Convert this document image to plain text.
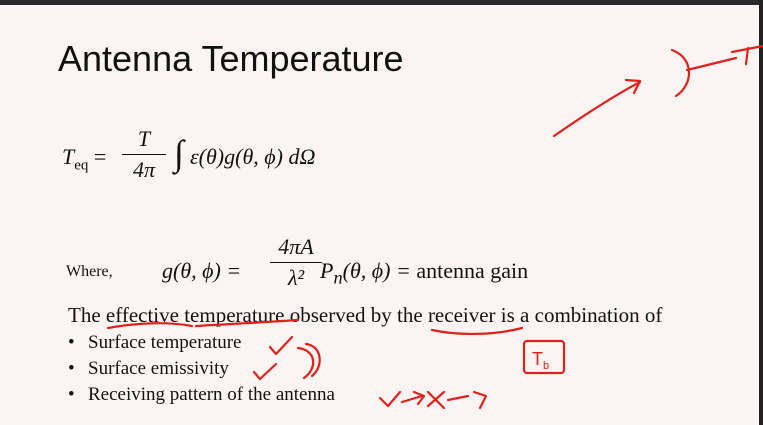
Antenna Temperature
$T_{eq}$ =
T
4π ∫ ε(θ)g(θ, ϕ) dΩ
Where, g(θ, ϕ) =
4πA
λ² $P_n(\theta$, ϕ) = antenna gain
The effective temperature observed by the receiver is a combination of
• Surface temperature
• Surface emissivity
• Receiving pattern of the antenna
$T_b$
